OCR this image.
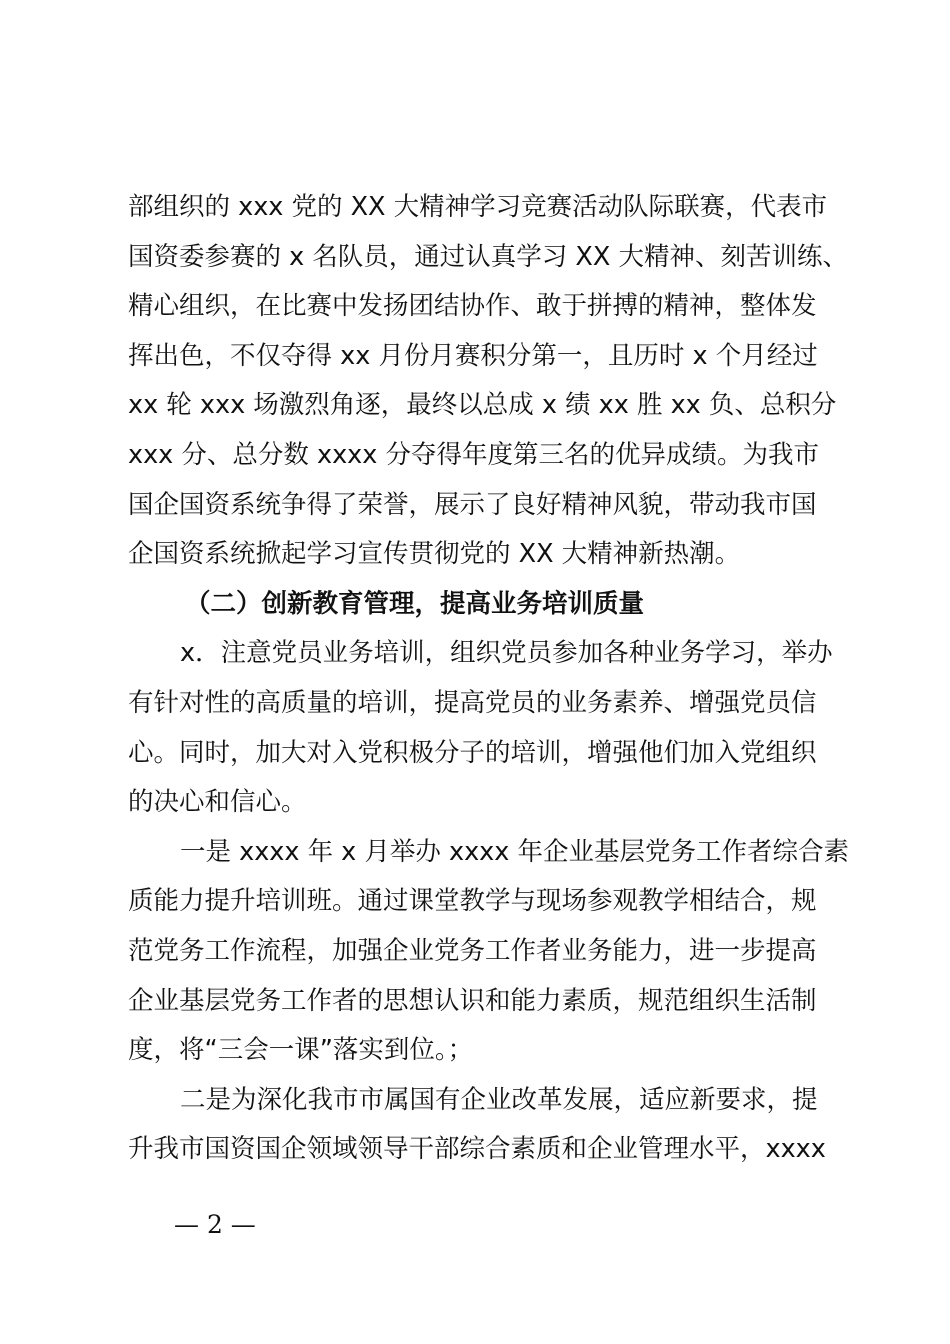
部组织的 xxx 党的 XX 大精神学习竞赛活动队际联赛，代表市
国资委参赛的 x 名队员，通过认真学习 XX 大精神、刻苦训练、
精心组织，在比赛中发扬团结协作、敢于拼搏的精神，整体发
挥出色，不仅夺得 xx 月份月赛积分第一，且历时 x 个月经过
xx 轮 xxx 场激烈角逐，最终以总成 x 绩 xx 胜 xx 负、总积分
xxx 分、总分数 xxxx 分夺得年度第三名的优异成绩。为我市
国企国资系统争得了荣誉，展示了良好精神风貌，带动我市国
企国资系统掀起学习宣传贯彻党的 XX 大精神新热潮。
（二）创新教育管理，提高业务培训质量
x．注意党员业务培训，组织党员参加各种业务学习，举办
有针对性的高质量的培训，提高党员的业务素养、增强党员信
心。同时，加大对入党积极分子的培训，增强他们加入党组织
的决心和信心。
一是 xxxx 年 x 月举办 xxxx 年企业基层党务工作者综合素
质能力提升培训班。通过课堂教学与现场参观教学相结合，规
范党务工作流程，加强企业党务工作者业务能力，进一步提高
企业基层党务工作者的思想认识和能力素质，规范组织生活制
度，将“三会一课”落实到位。；
二是为深化我市市属国有企业改革发展，适应新要求，提
升我市国资国企领域领导干部综合素质和企业管理水平，xxxx
— 2 —
